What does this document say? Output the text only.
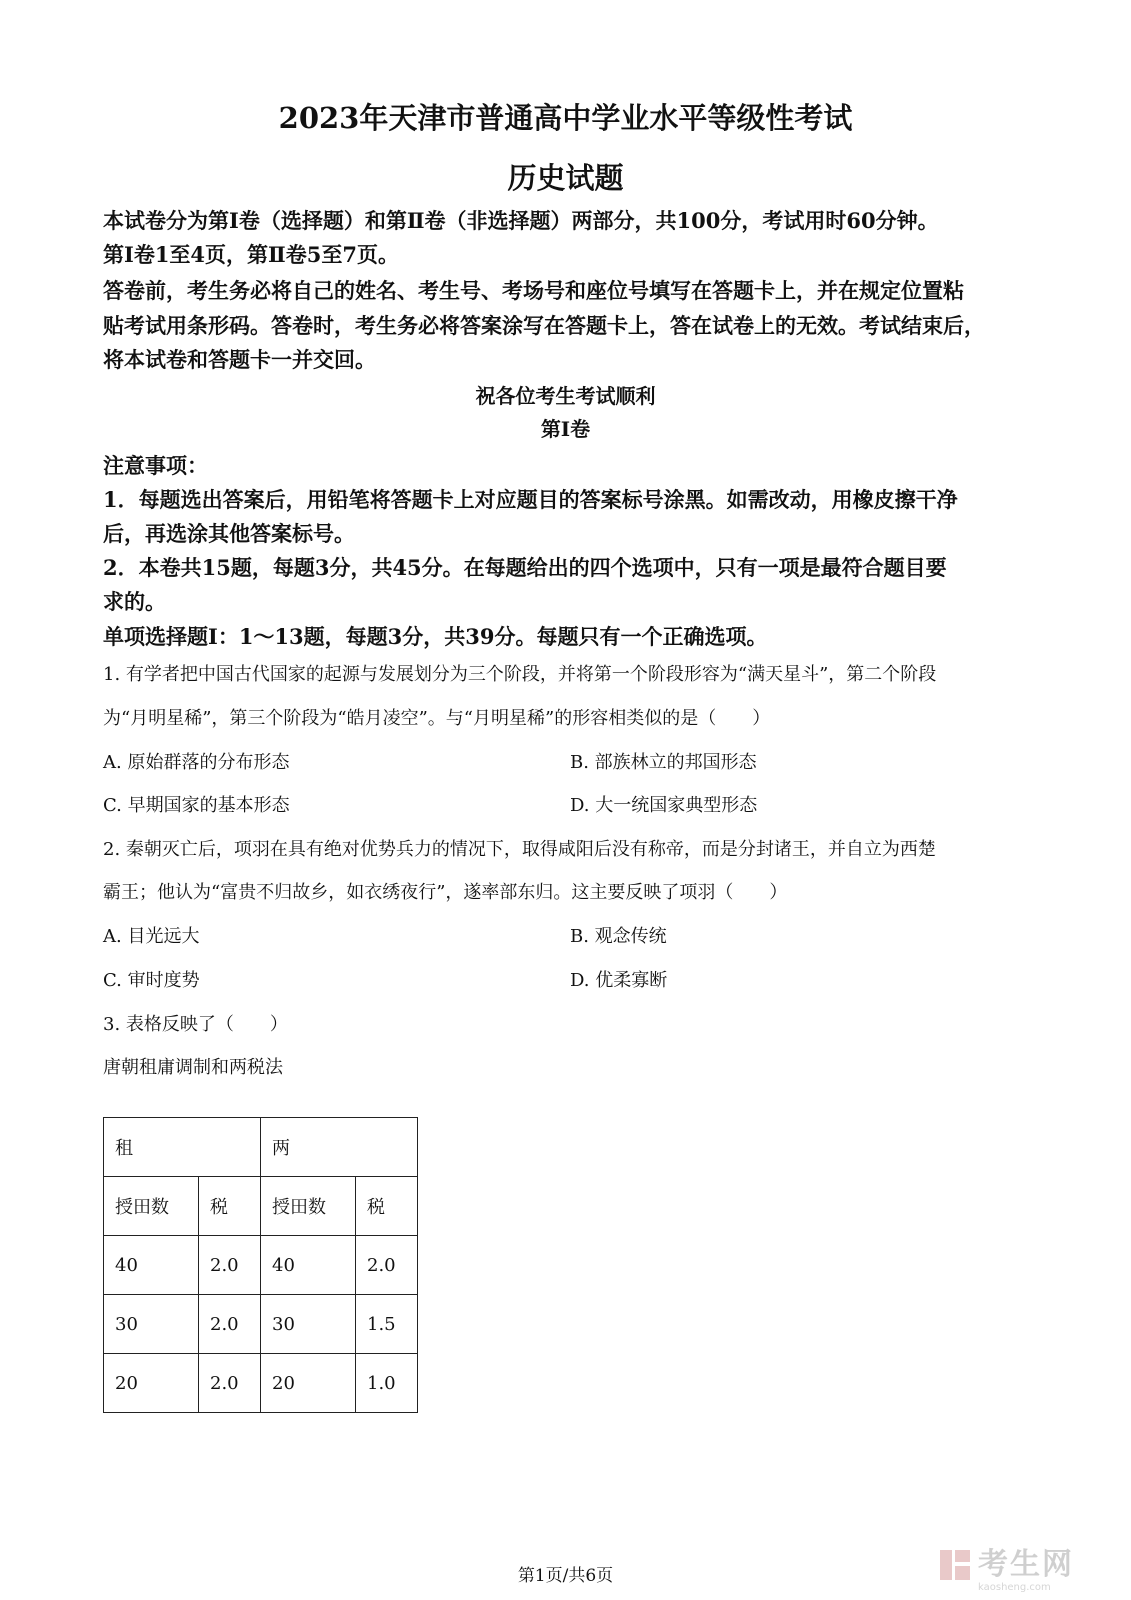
2023年天津市普通高中学业水平等级性考试
历史试题
本试卷分为第Ⅰ卷（选择题）和第Ⅱ卷（非选择题）两部分，共100分，考试用时60分钟。
第Ⅰ卷1至4页，第Ⅱ卷5至7页。
答卷前，考生务必将自己的姓名、考生号、考场号和座位号填写在答题卡上，并在规定位置粘
贴考试用条形码。答卷时，考生务必将答案涂写在答题卡上，答在试卷上的无效。考试结束后，
将本试卷和答题卡一并交回。
祝各位考生考试顺利
第Ⅰ卷
注意事项：
1．每题选出答案后，用铅笔将答题卡上对应题目的答案标号涂黑。如需改动，用橡皮擦干净
后，再选涂其他答案标号。
2．本卷共15题，每题3分，共45分。在每题给出的四个选项中，只有一项是最符合题目要
求的。
单项选择题Ⅰ：1～13题，每题3分，共39分。每题只有一个正确选项。
1. 有学者把中国古代国家的起源与发展划分为三个阶段，并将第一个阶段形容为“满天星斗”，第二个阶段
为“月明星稀”，第三个阶段为“皓月凌空”。与“月明星稀”的形容相类似的是（　　）
A. 原始群落的分布形态	B. 部族林立的邦国形态
C. 早期国家的基本形态	D. 大一统国家典型形态
2. 秦朝灭亡后，项羽在具有绝对优势兵力的情况下，取得咸阳后没有称帝，而是分封诸王，并自立为西楚
霸王；他认为“富贵不归故乡，如衣绣夜行”，遂率部东归。这主要反映了项羽（　　）
A. 目光远大	B. 观念传统
C. 审时度势	D. 优柔寡断
3. 表格反映了（　　）
唐朝租庸调制和两税法
租		两	
授田数	税	授田数	税
40	2.0	40	2.0
30	2.0	30	1.5
20	2.0	20	1.0
第1页/共6页	考生网
kaosheng.com
